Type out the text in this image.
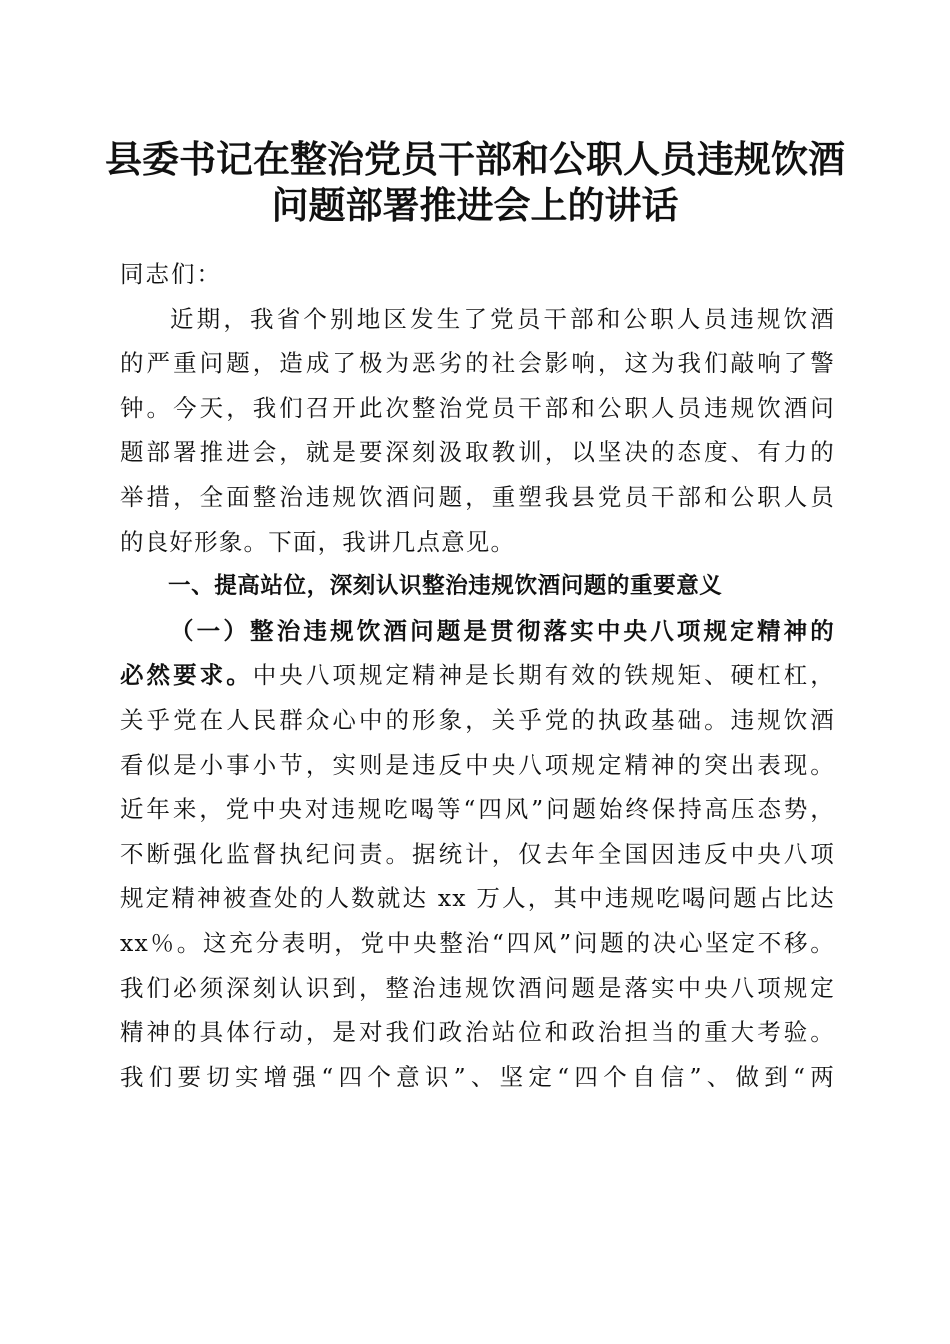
县委书记在整治党员干部和公职人员违规饮酒
问题部署推进会上的讲话
同志们：
近期，我省个别地区发生了党员干部和公职人员违规饮酒
的严重问题，造成了极为恶劣的社会影响，这为我们敲响了警
钟。今天，我们召开此次整治党员干部和公职人员违规饮酒问
题部署推进会，就是要深刻汲取教训，以坚决的态度、有力的
举措，全面整治违规饮酒问题，重塑我县党员干部和公职人员
的良好形象。下面，我讲几点意见。
一、提高站位，深刻认识整治违规饮酒问题的重要意义
（一）整治违规饮酒问题是贯彻落实中央八项规定精神的
必然要求。中央八项规定精神是长期有效的铁规矩、硬杠杠，
关乎党在人民群众心中的形象，关乎党的执政基础。违规饮酒
看似是小事小节，实则是违反中央八项规定精神的突出表现。
近年来，党中央对违规吃喝等“四风”问题始终保持高压态势，
不断强化监督执纪问责。据统计，仅去年全国因违反中央八项
规定精神被查处的人数就达 xx 万人，其中违规吃喝问题占比达
xx％。这充分表明，党中央整治“四风”问题的决心坚定不移。
我们必须深刻认识到，整治违规饮酒问题是落实中央八项规定
精神的具体行动，是对我们政治站位和政治担当的重大考验。
我们要切实增强“四个意识”、坚定“四个自信”、做到“两
